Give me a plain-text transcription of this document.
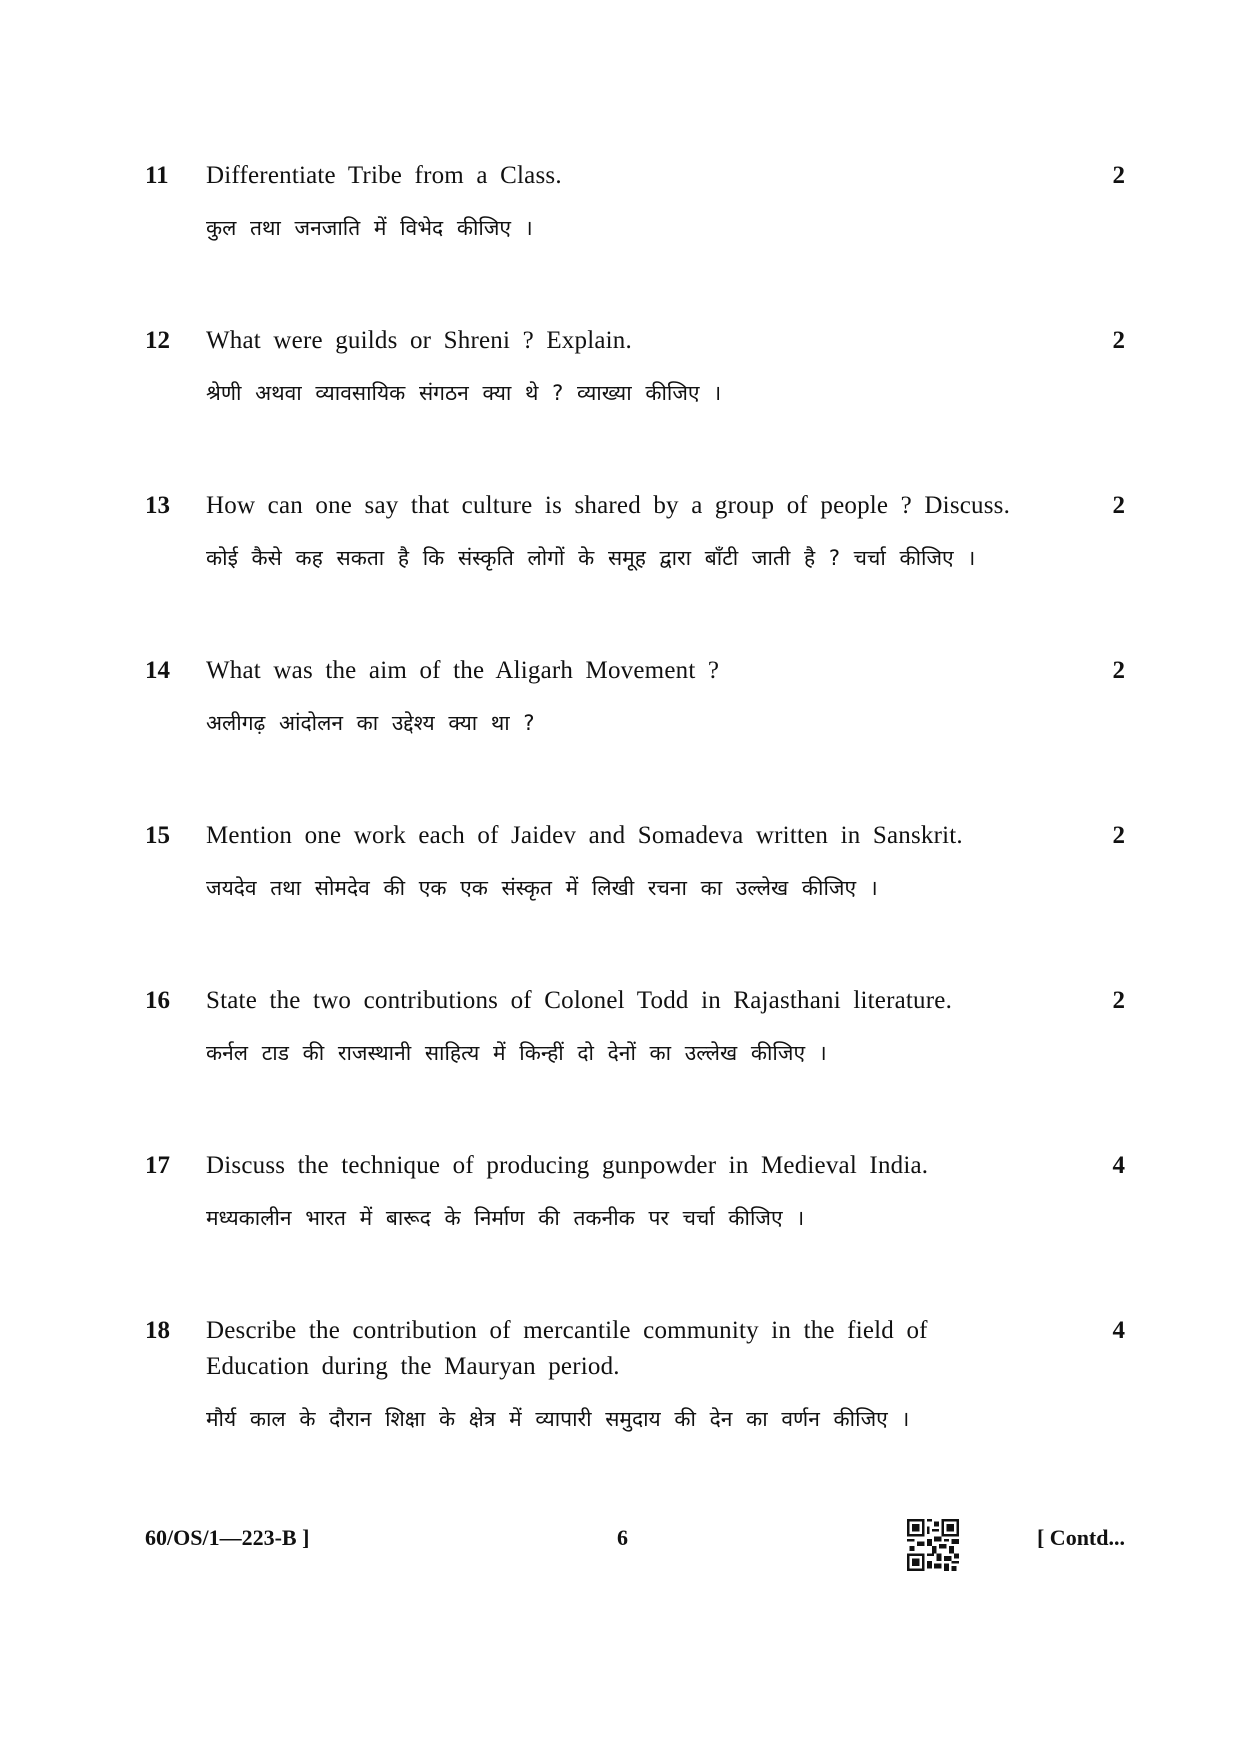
11 Differentiate Tribe from a Class.
कुल तथा जनजाति में विभेद कीजिए ।
2
12 What were guilds or Shreni ? Explain.
श्रेणी अथवा व्यावसायिक संगठन क्या थे ? व्याख्या कीजिए ।
2
13 How can one say that culture is shared by a group of people ? Discuss.
कोई कैसे कह सकता है कि संस्कृति लोगों के समूह द्वारा बाँटी जाती है ? चर्चा कीजिए ।
2
14 What was the aim of the Aligarh Movement ?
अलीगढ़ आंदोलन का उद्देश्य क्या था ?
2
15 Mention one work each of Jaidev and Somadeva written in Sanskrit.
जयदेव तथा सोमदेव की एक एक संस्कृत में लिखी रचना का उल्लेख कीजिए ।
2
16 State the two contributions of Colonel Todd in Rajasthani literature.
कर्नल टाड की राजस्थानी साहित्य में किन्हीं दो देनों का उल्लेख कीजिए ।
2
17 Discuss the technique of producing gunpowder in Medieval India.
मध्यकालीन भारत में बारूद के निर्माण की तकनीक पर चर्चा कीजिए ।
4
18 Describe the contribution of mercantile community in the field of Education during the Mauryan period.
मौर्य काल के दौरान शिक्षा के क्षेत्र में व्यापारी समुदाय की देन का वर्णन कीजिए ।
4
60/OS/1—223-B ]	6	[ Contd...
